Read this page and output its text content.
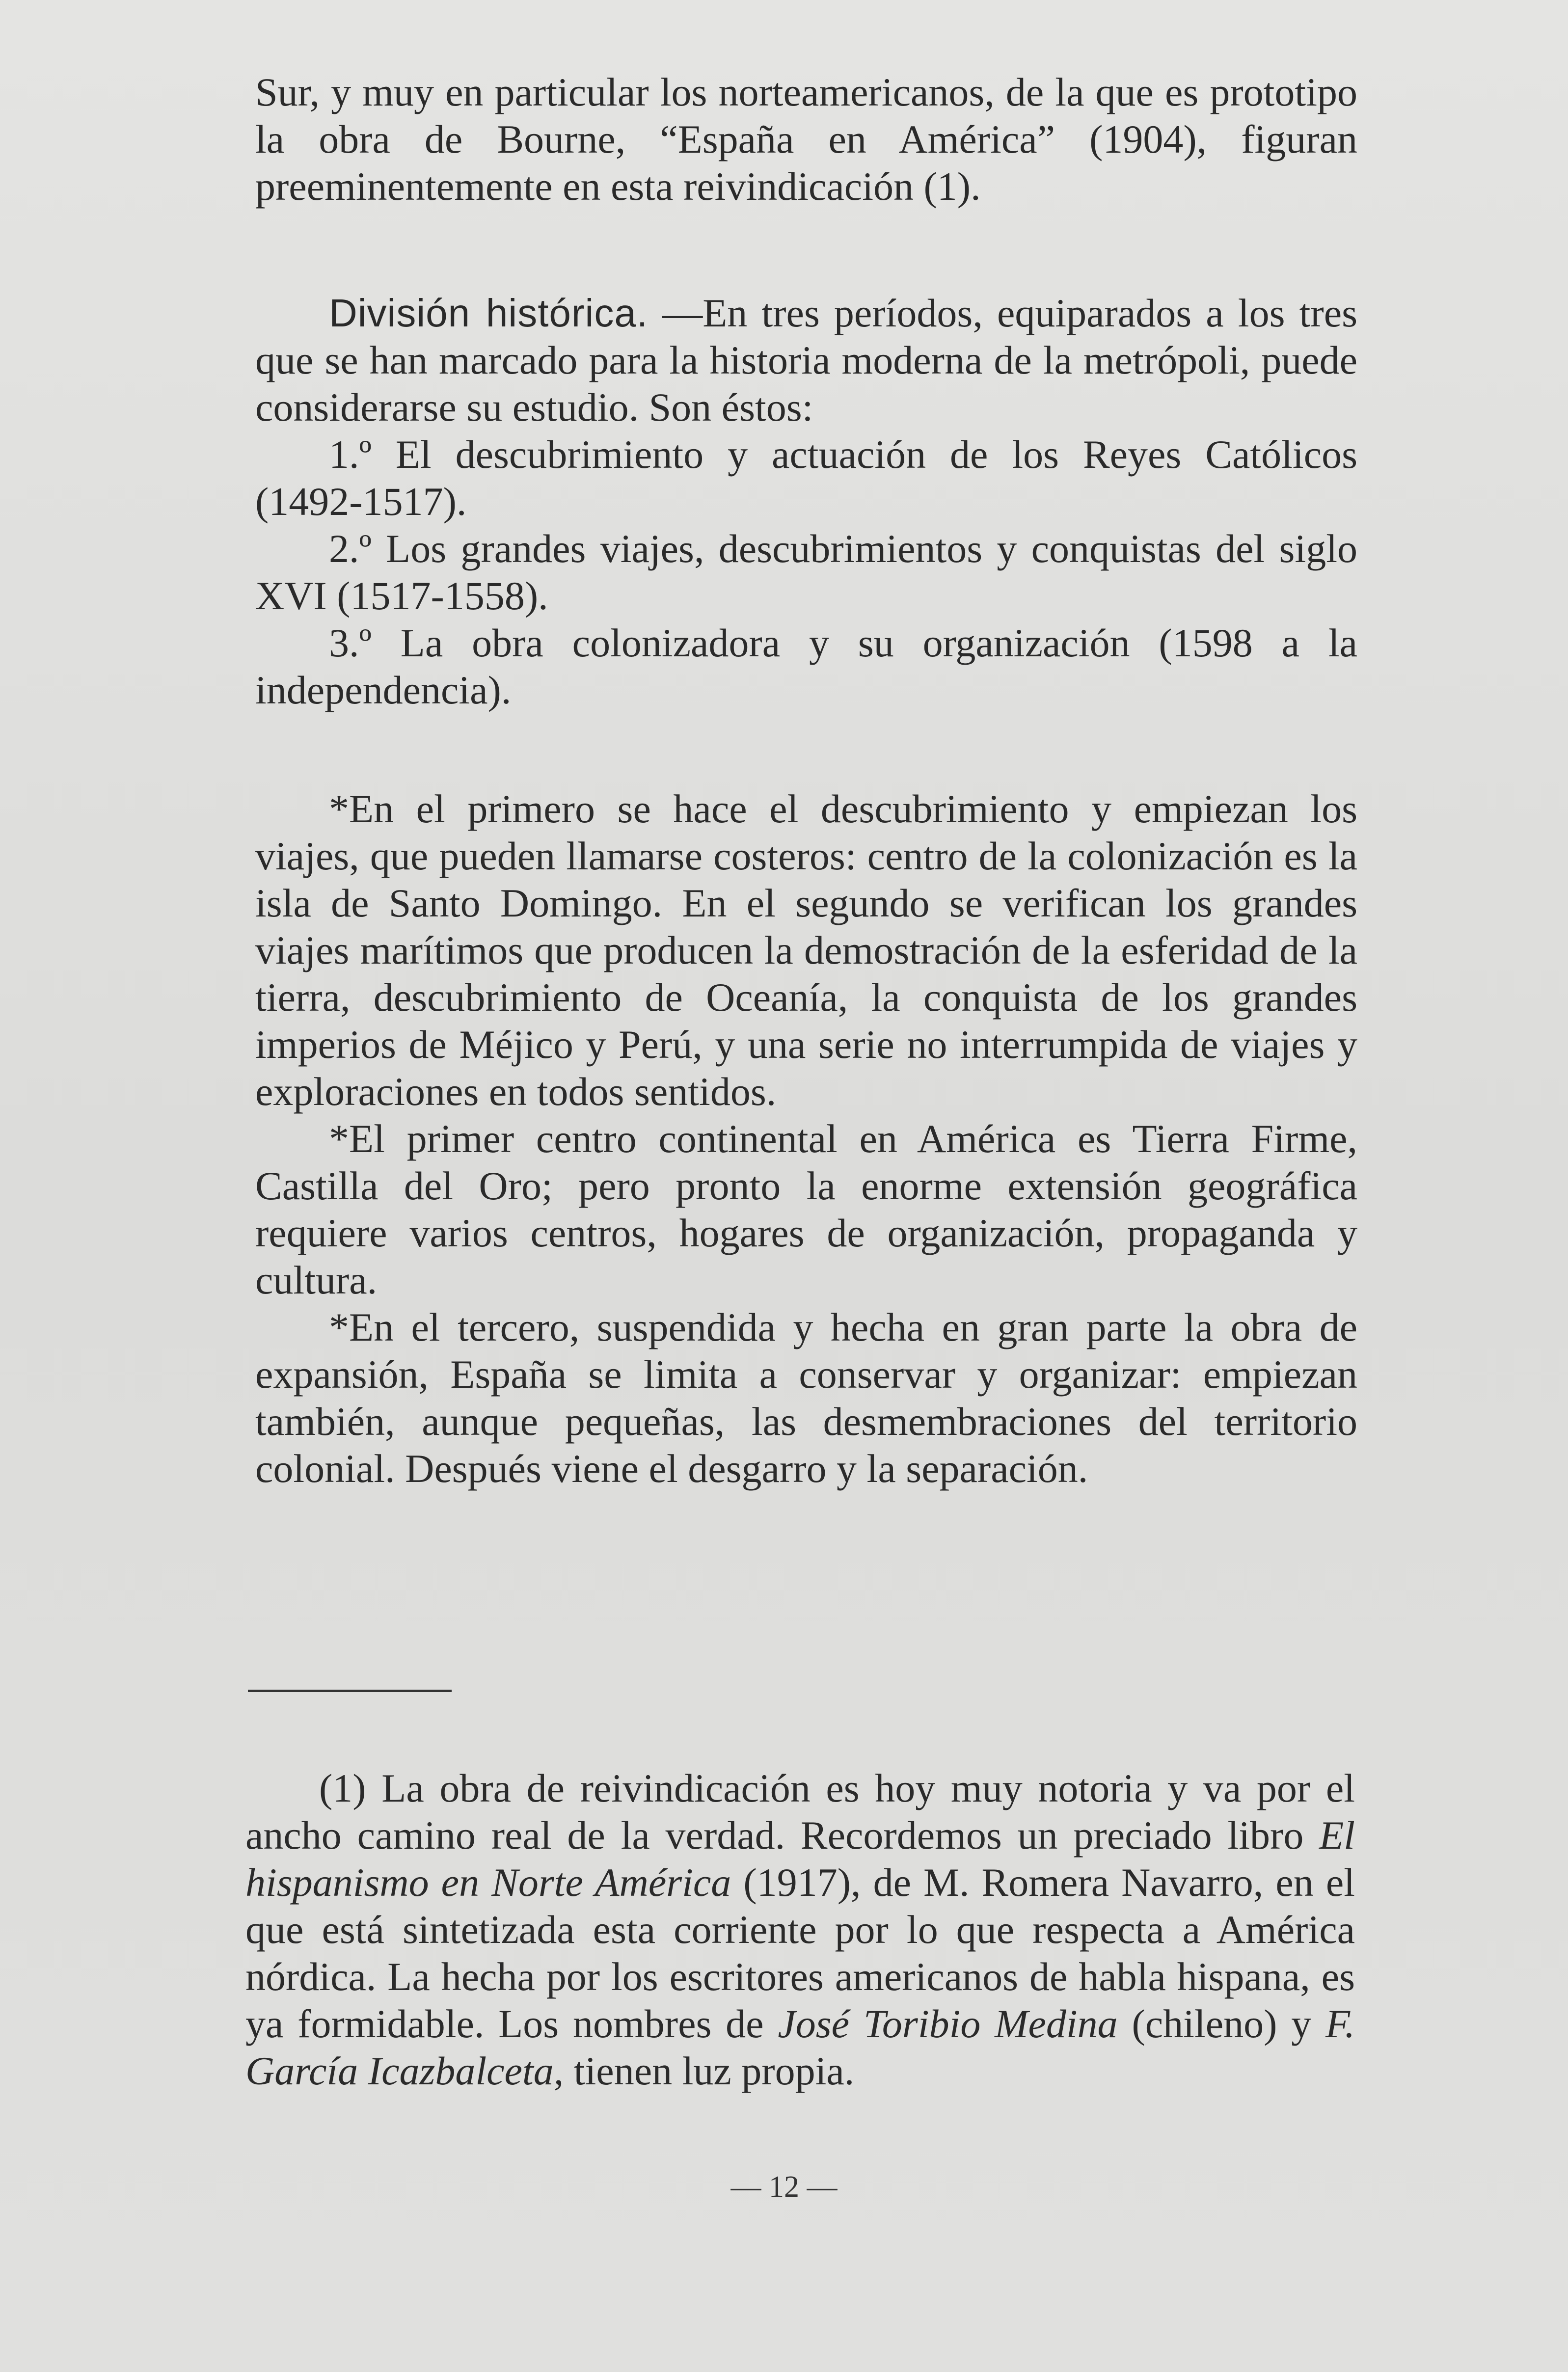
Sur, y muy en particular los norteamericanos, de la que es prototipo la obra de Bourne, “España en América” (1904), figuran preeminentemente en esta reivindicación (1).

División histórica. —En tres períodos, equiparados a los tres que se han marcado para la historia moderna de la metrópoli, puede considerarse su estudio. Son éstos:

1.º El descubrimiento y actuación de los Reyes Católicos (1492-1517).

2.º Los grandes viajes, descubrimientos y conquistas del siglo XVI (1517-1558).

3.º La obra colonizadora y su organización (1598 a la independencia).

*En el primero se hace el descubrimiento y empiezan los viajes, que pueden llamarse costeros: centro de la colonización es la isla de Santo Domingo. En el segundo se verifican los grandes viajes marítimos que producen la demostración de la esferidad de la tierra, descubrimiento de Oceanía, la conquista de los grandes imperios de Méjico y Perú, y una serie no interrumpida de viajes y exploraciones en todos sentidos.

*El primer centro continental en América es Tierra Firme, Castilla del Oro; pero pronto la enorme extensión geográfica requiere varios centros, hogares de organización, propaganda y cultura.

*En el tercero, suspendida y hecha en gran parte la obra de expansión, España se limita a conservar y organizar: empiezan también, aunque pequeñas, las desmembraciones del territorio colonial. Después viene el desgarro y la separación.

(1) La obra de reivindicación es hoy muy notoria y va por el ancho camino real de la verdad. Recordemos un preciado libro El hispanismo en Norte América (1917), de M. Romera Navarro, en el que está sintetizada esta corriente por lo que respecta a América nórdica. La hecha por los escritores americanos de habla hispana, es ya formidable. Los nombres de José Toribio Medina (chileno) y F. García Icazbalceta, tienen luz propia.

— 12 —
